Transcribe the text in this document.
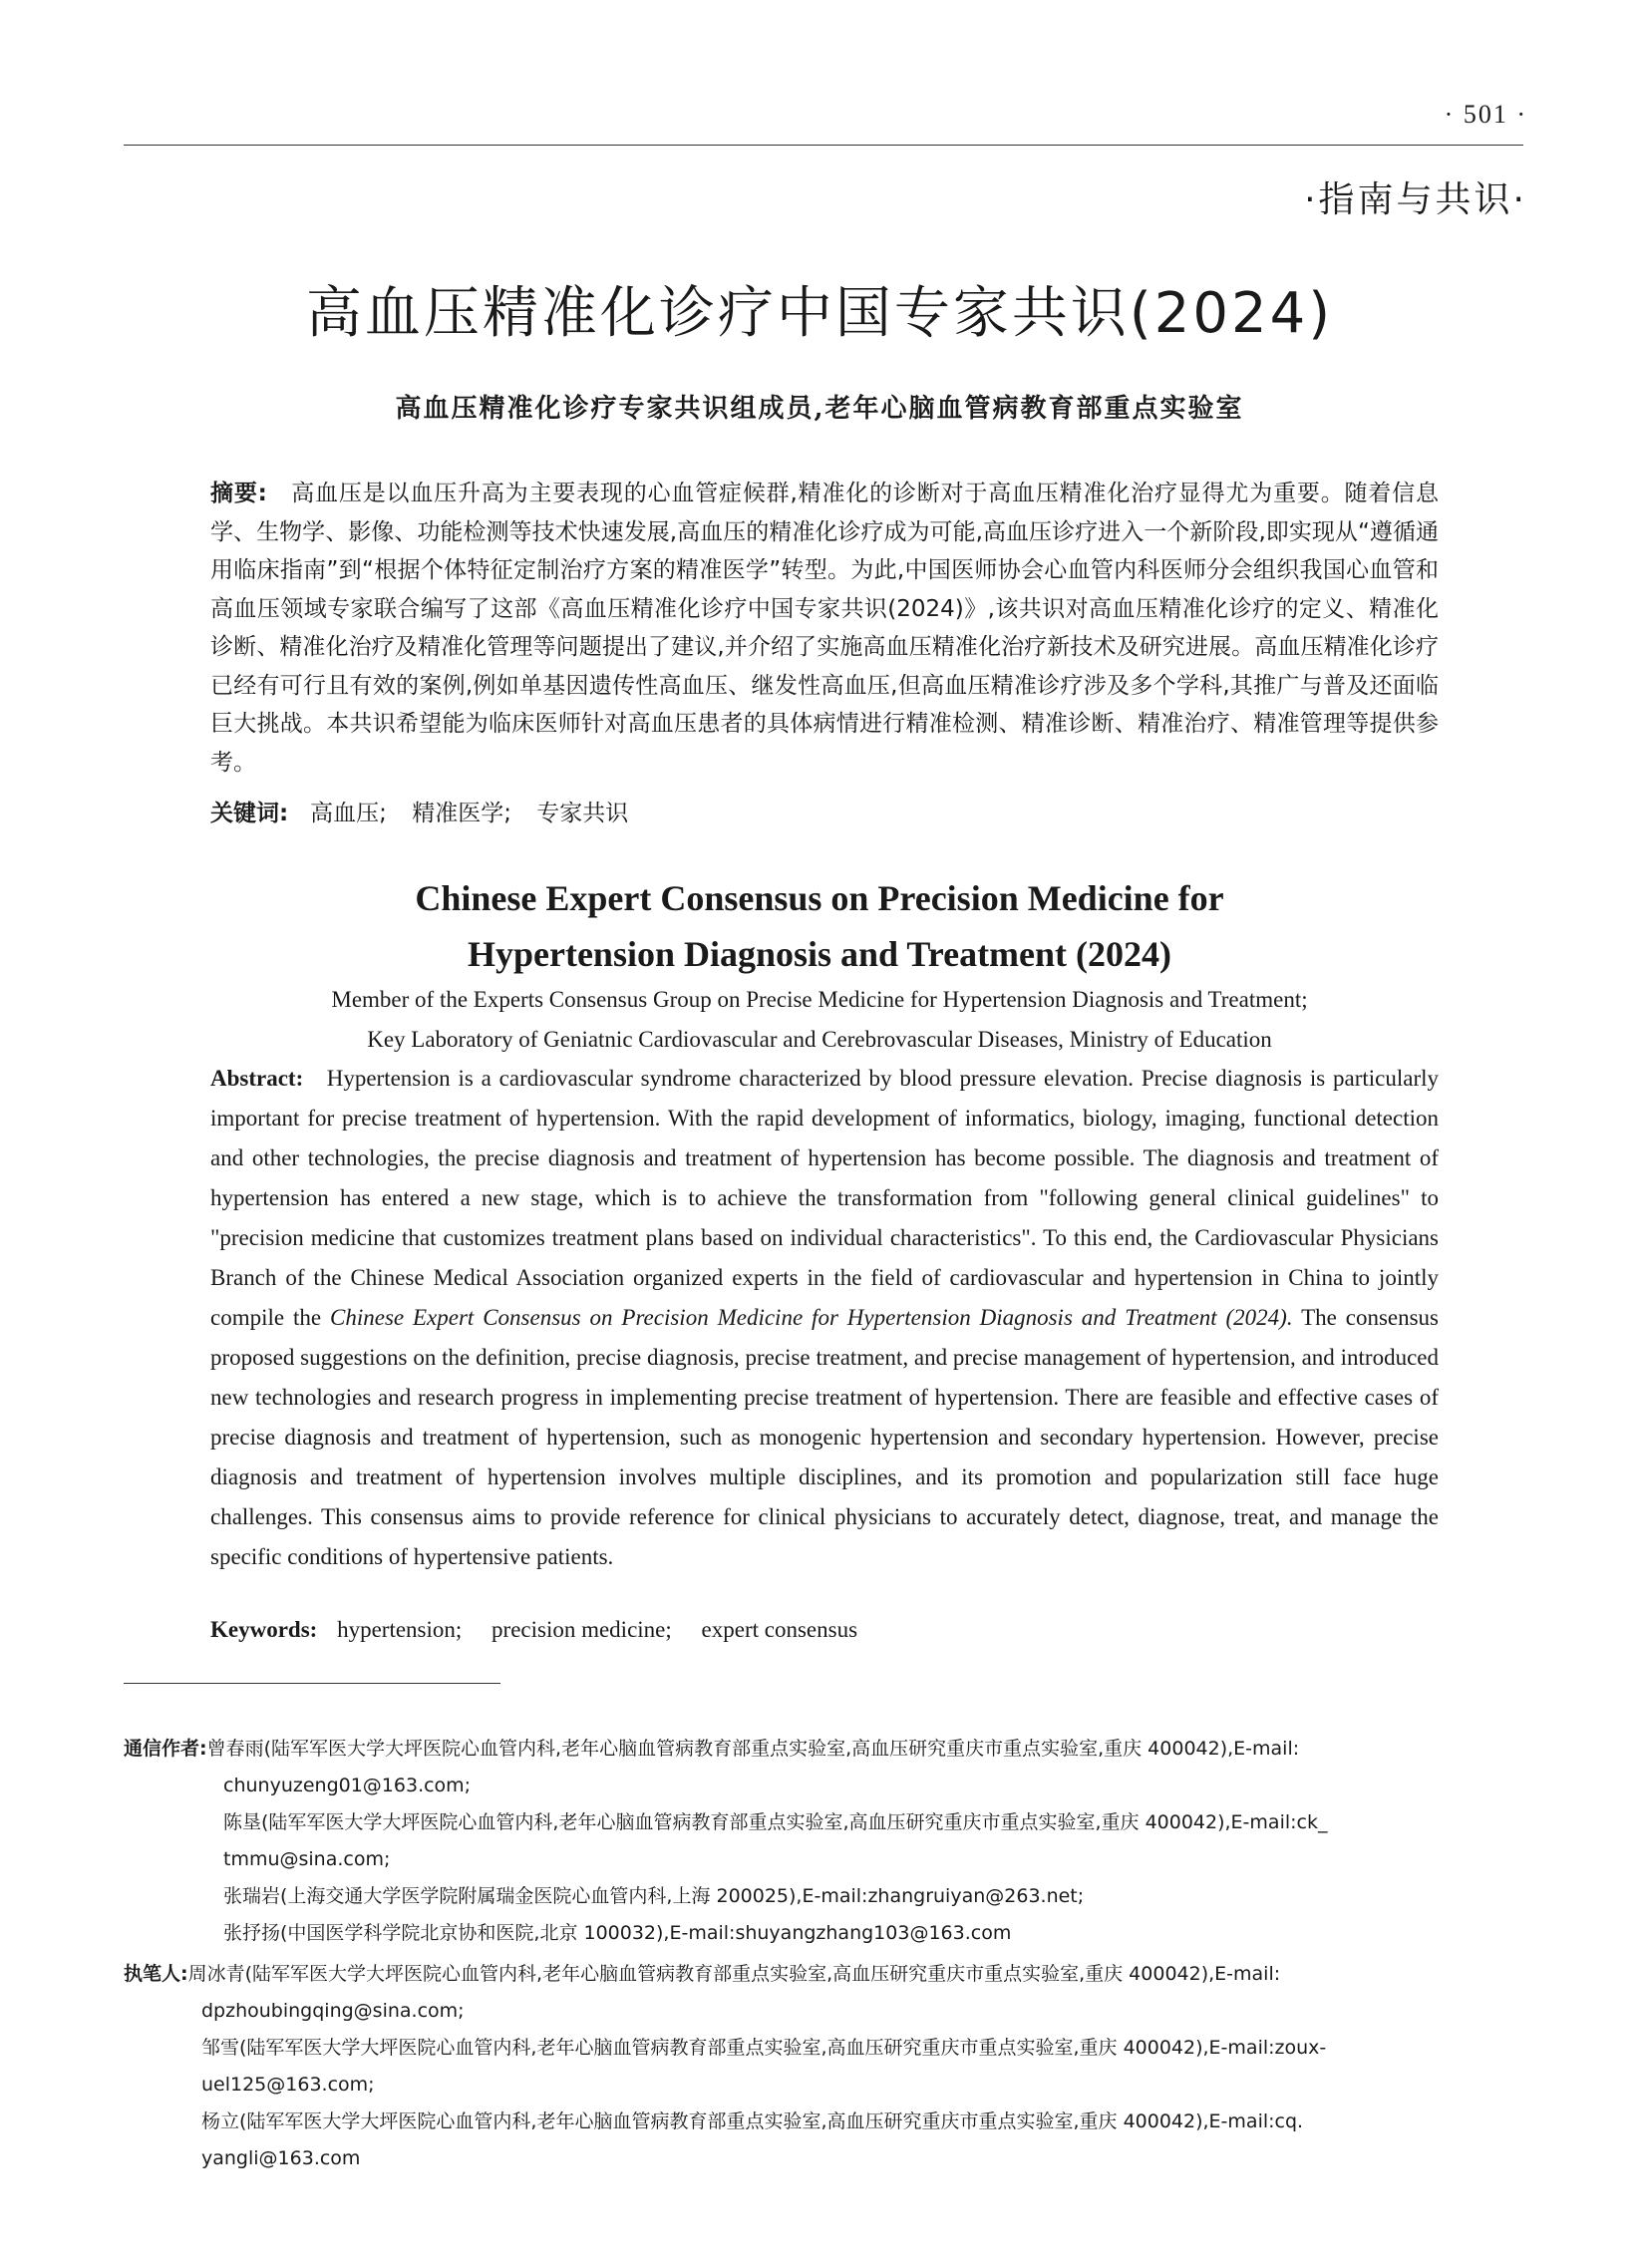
· 501 ·
·指南与共识·
高血压精准化诊疗中国专家共识(2024)
高血压精准化诊疗专家共识组成员,老年心脑血管病教育部重点实验室
摘要: 高血压是以血压升高为主要表现的心血管症候群,精准化的诊断对于高血压精准化治疗显得尤为重要。随着信息学、生物学、影像、功能检测等技术快速发展,高血压的精准化诊疗成为可能,高血压诊疗进入一个新阶段,即实现从“遵循通用临床指南”到“根据个体特征定制治疗方案的精准医学”转型。为此,中国医师协会心血管内科医师分会组织我国心血管和高血压领域专家联合编写了这部《高血压精准化诊疗中国专家共识(2024)》,该共识对高血压精准化诊疗的定义、精准化诊断、精准化治疗及精准化管理等问题提出了建议,并介绍了实施高血压精准化治疗新技术及研究进展。高血压精准化诊疗已经有可行且有效的案例,例如单基因遗传性高血压、继发性高血压,但高血压精准诊疗涉及多个学科,其推广与普及还面临巨大挑战。本共识希望能为临床医师针对高血压患者的具体病情进行精准检测、精准诊断、精准治疗、精准管理等提供参考。
关键词: 高血压; 精准医学; 专家共识
Chinese Expert Consensus on Precision Medicine for
Hypertension Diagnosis and Treatment (2024)
Member of the Experts Consensus Group on Precise Medicine for Hypertension Diagnosis and Treatment;
Key Laboratory of Geniatnic Cardiovascular and Cerebrovascular Diseases, Ministry of Education
Abstract: Hypertension is a cardiovascular syndrome characterized by blood pressure elevation. Precise diagnosis is particularly important for precise treatment of hypertension. With the rapid development of informatics, biology, imaging, functional detection and other technologies, the precise diagnosis and treatment of hypertension has become possible. The diagnosis and treatment of hypertension has entered a new stage, which is to achieve the transformation from "following general clinical guidelines" to "precision medicine that customizes treatment plans based on individual characteristics". To this end, the Cardiovascular Physicians Branch of the Chinese Medical Association organized experts in the field of cardiovascular and hypertension in China to jointly compile the Chinese Expert Consensus on Precision Medicine for Hypertension Diagnosis and Treatment (2024). The consensus proposed suggestions on the definition, precise diagnosis, precise treatment, and precise management of hypertension, and introduced new technologies and research progress in implementing precise treatment of hypertension. There are feasible and effective cases of precise diagnosis and treatment of hypertension, such as monogenic hypertension and secondary hypertension. However, precise diagnosis and treatment of hypertension involves multiple disciplines, and its promotion and popularization still face huge challenges. This consensus aims to provide reference for clinical physicians to accurately detect, diagnose, treat, and manage the specific conditions of hypertensive patients.
Keywords: hypertension; precision medicine; expert consensus
通信作者:曾春雨(陆军军医大学大坪医院心血管内科,老年心脑血管病教育部重点实验室,高血压研究重庆市重点实验室,重庆 400042),E-mail:
chunyuzeng01@163.com;
陈垦(陆军军医大学大坪医院心血管内科,老年心脑血管病教育部重点实验室,高血压研究重庆市重点实验室,重庆 400042),E-mail:ck_
tmmu@sina.com;
张瑞岩(上海交通大学医学院附属瑞金医院心血管内科,上海 200025),E-mail:zhangruiyan@263.net;
张抒扬(中国医学科学院北京协和医院,北京 100032),E-mail:shuyangzhang103@163.com
执笔人:周冰青(陆军军医大学大坪医院心血管内科,老年心脑血管病教育部重点实验室,高血压研究重庆市重点实验室,重庆 400042),E-mail:
dpzhoubingqing@sina.com;
邹雪(陆军军医大学大坪医院心血管内科,老年心脑血管病教育部重点实验室,高血压研究重庆市重点实验室,重庆 400042),E-mail:zoux-
uel125@163.com;
杨立(陆军军医大学大坪医院心血管内科,老年心脑血管病教育部重点实验室,高血压研究重庆市重点实验室,重庆 400042),E-mail:cq.
yangli@163.com
